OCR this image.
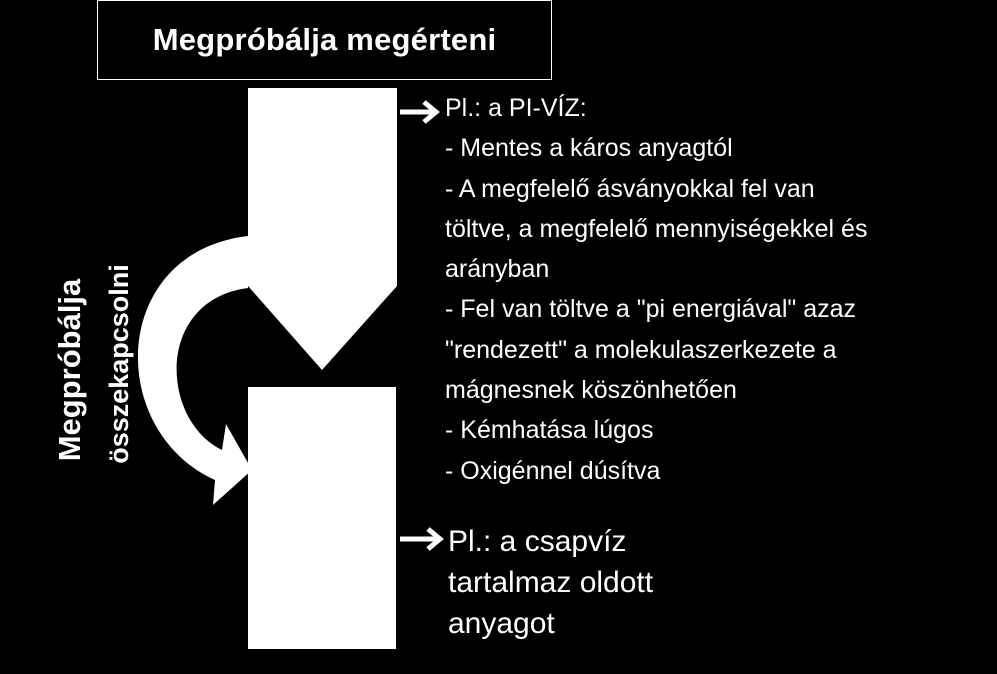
Megpróbálja megérteni
Megpróbálja összekapcsolni
Pl.: a PI-VÍZ:
- Mentes a káros anyagtól
- A megfelelő ásványokkal fel van
töltve, a megfelelő mennyiségekkel és
arányban
- Fel van töltve a "pi energiával" azaz
"rendezett" a molekulaszerkezete a
mágnesnek köszönhetően
- Kémhatása lúgos
- Oxigénnel dúsítva
Pl.: a csapvíz
tartalmaz oldott
anyagot
